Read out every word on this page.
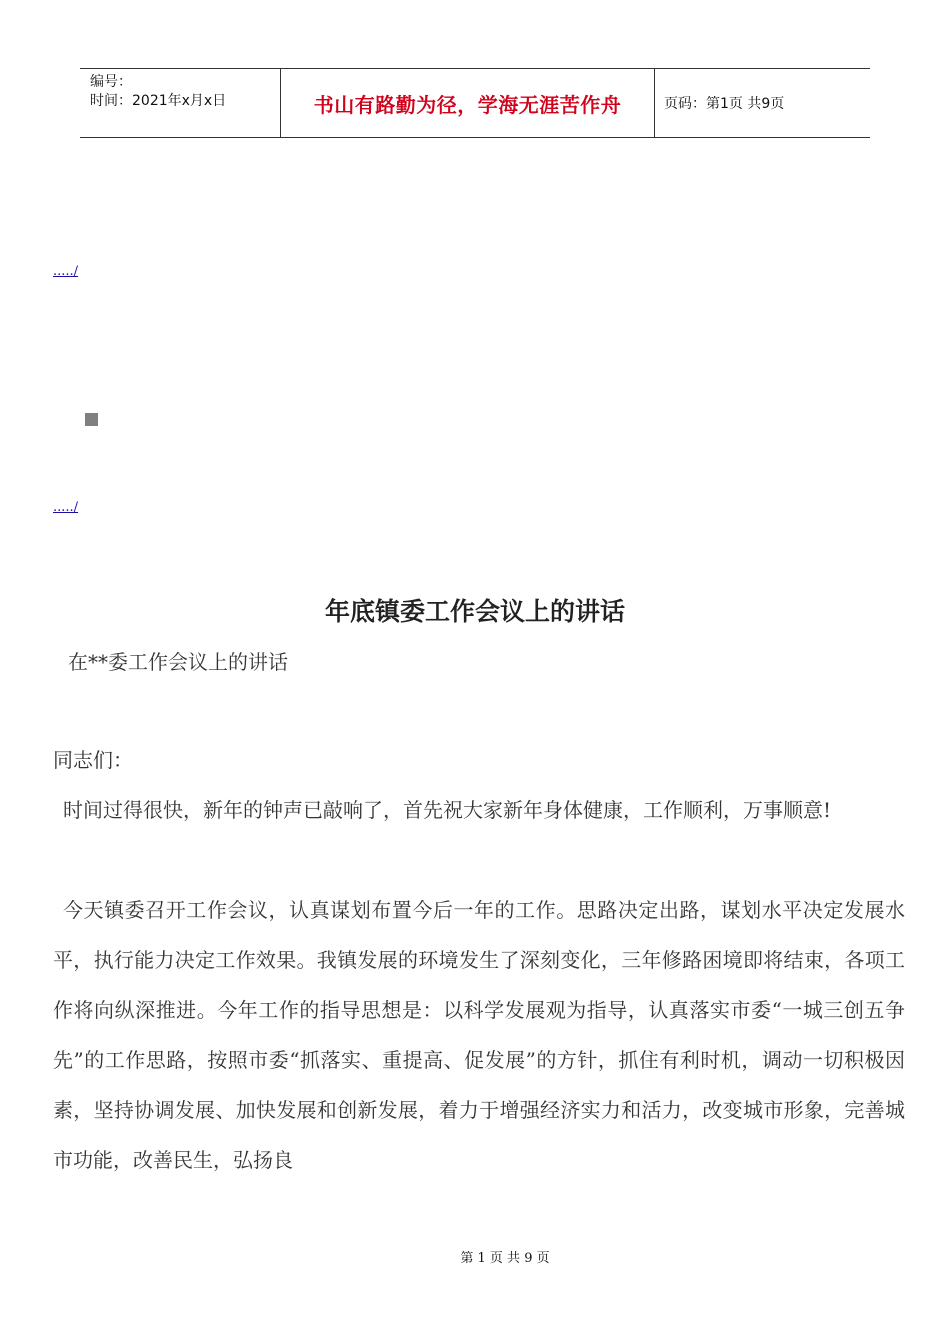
编号：
时间：2021年x月x日	书山有路勤为径，学海无涯苦作舟	页码：第1页 共9页
...../
...../
年底镇委工作会议上的讲话
在**委工作会议上的讲话
同志们：
时间过得很快，新年的钟声已敲响了，首先祝大家新年身体健康，工作顺利，万事顺意!
今天镇委召开工作会议，认真谋划布置今后一年的工作。思路决定出路，谋划水平决定发展水平，执行能力决定工作效果。我镇发展的环境发生了深刻变化，三年修路困境即将结束，各项工作将向纵深推进。今年工作的指导思想是：以科学发展观为指导，认真落实市委“一城三创五争先”的工作思路，按照市委“抓落实、重提高、促发展”的方针，抓住有利时机，调动一切积极因素，坚持协调发展、加快发展和创新发展，着力于增强经济实力和活力，改变城市形象，完善城市功能，改善民生，弘扬良
第 1 页 共 9 页
